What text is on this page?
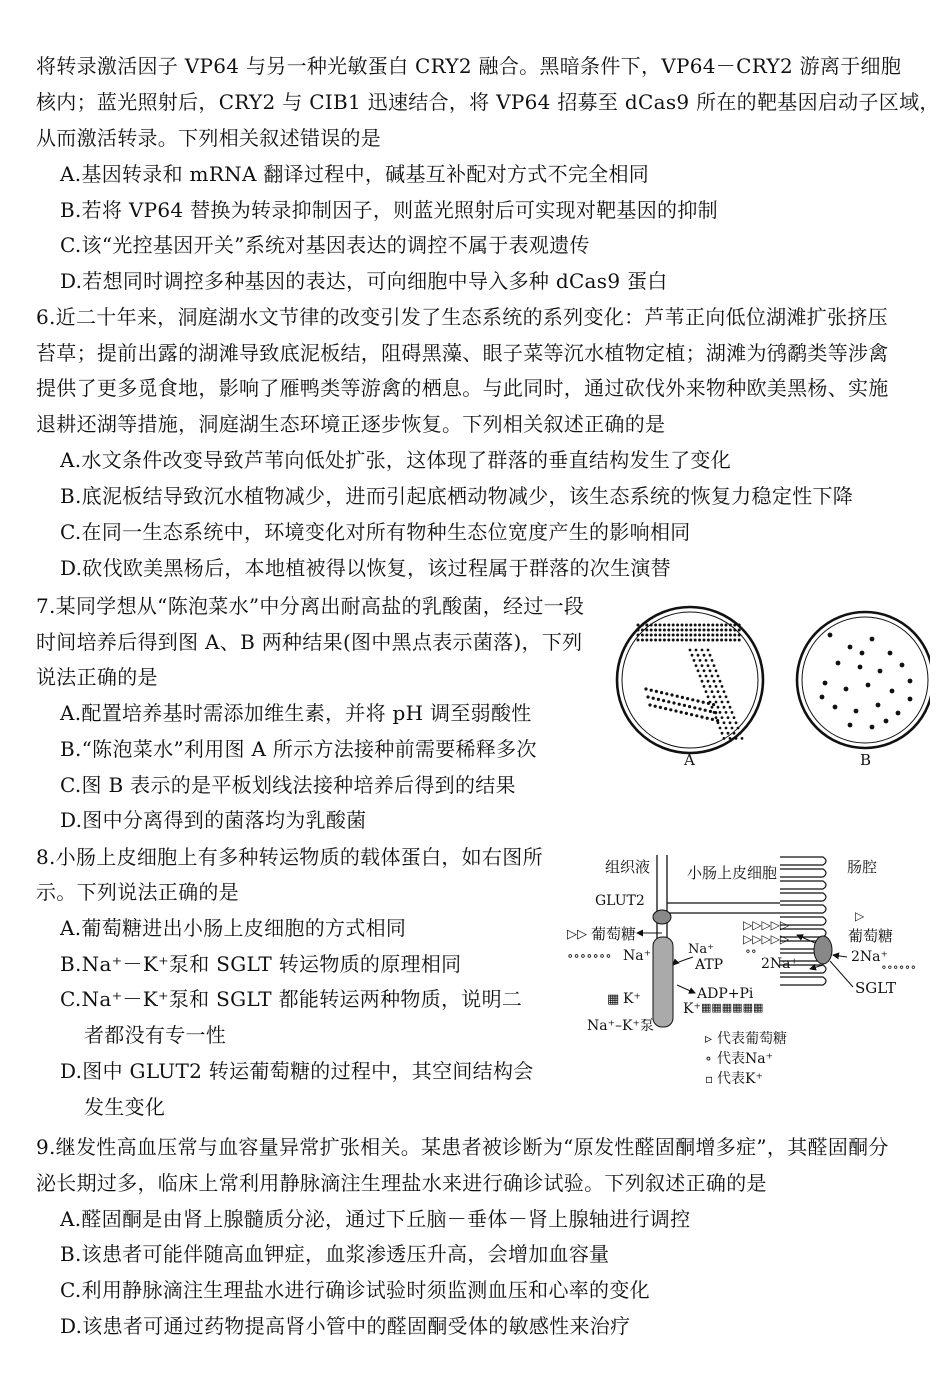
将转录激活因子 VP64 与另一种光敏蛋白 CRY2 融合。黑暗条件下，VP64－CRY2 游离于细胞
核内；蓝光照射后，CRY2 与 CIB1 迅速结合，将 VP64 招募至 dCas9 所在的靶基因启动子区域，
从而激活转录。下列相关叙述错误的是
A.基因转录和 mRNA 翻译过程中，碱基互补配对方式不完全相同
B.若将 VP64 替换为转录抑制因子，则蓝光照射后可实现对靶基因的抑制
C.该“光控基因开关”系统对基因表达的调控不属于表观遗传
D.若想同时调控多种基因的表达，可向细胞中导入多种 dCas9 蛋白
6.近二十年来，洞庭湖水文节律的改变引发了生态系统的系列变化：芦苇正向低位湖滩扩张挤压
苔草；提前出露的湖滩导致底泥板结，阻碍黑藻、眼子菜等沉水植物定植；湖滩为鸻鹬类等涉禽
提供了更多觅食地，影响了雁鸭类等游禽的栖息。与此同时，通过砍伐外来物种欧美黑杨、实施
退耕还湖等措施，洞庭湖生态环境正逐步恢复。下列相关叙述正确的是
A.水文条件改变导致芦苇向低处扩张，这体现了群落的垂直结构发生了变化
B.底泥板结导致沉水植物减少，进而引起底栖动物减少，该生态系统的恢复力稳定性下降
C.在同一生态系统中，环境变化对所有物种生态位宽度产生的影响相同
D.砍伐欧美黑杨后，本地植被得以恢复，该过程属于群落的次生演替
7.某同学想从“陈泡菜水”中分离出耐高盐的乳酸菌，经过一段
时间培养后得到图 A、B 两种结果(图中黑点表示菌落)，下列
说法正确的是
A.配置培养基时需添加维生素，并将 pH 调至弱酸性
B.“陈泡菜水”利用图 A 所示方法接种前需要稀释多次
C.图 B 表示的是平板划线法接种培养后得到的结果
D.图中分离得到的菌落均为乳酸菌
A	B
8.小肠上皮细胞上有多种转运物质的载体蛋白，如右图所
示。下列说法正确的是
A.葡萄糖进出小肠上皮细胞的方式相同
B.Na⁺－K⁺泵和 SGLT 转运物质的原理相同
C.Na⁺－K⁺泵和 SGLT 都能转运两种物质，说明二
者都没有专一性
D.图中 GLUT2 转运葡萄糖的过程中，其空间结构会
发生变化
组织液 小肠上皮细胞	肠腔
GLUT2
▷▷ 葡萄糖
∘∘∘∘∘∘∘ Na⁺	Na⁺
ATP
ADP+Pi
▦ K⁺
K⁺ ▦▦▦▦▦▦
Na⁺–K⁺泵
▷▷▷▷▷
▷▷▷▷▷
∘∘
▷
葡萄糖
2Na⁺	2Na⁺
∘∘∘∘∘∘
SGLT
▹ 代表葡萄糖
∘ 代表Na⁺
▫ 代表K⁺
9.继发性高血压常与血容量异常扩张相关。某患者被诊断为“原发性醛固酮增多症”，其醛固酮分
泌长期过多，临床上常利用静脉滴注生理盐水来进行确诊试验。下列叙述正确的是
A.醛固酮是由肾上腺髓质分泌，通过下丘脑－垂体－肾上腺轴进行调控
B.该患者可能伴随高血钾症，血浆渗透压升高，会增加血容量
C.利用静脉滴注生理盐水进行确诊试验时须监测血压和心率的变化
D.该患者可通过药物提高肾小管中的醛固酮受体的敏感性来治疗
